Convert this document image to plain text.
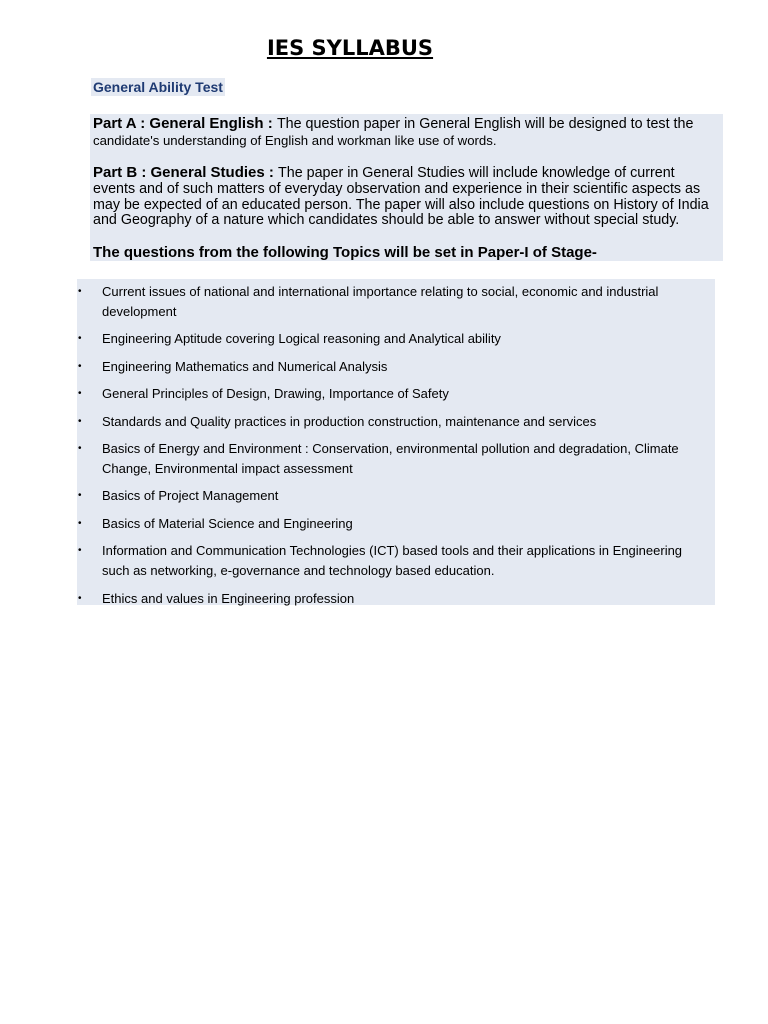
IES SYLLABUS
General Ability Test
Part A : General English : The question paper in General English will be designed to test the
candidate's understanding of English and workman like use of words.
Part B : General Studies : The paper in General Studies will include knowledge of current events and of such matters of everyday observation and experience in their scientific aspects as may be expected of an educated person. The paper will also include questions on History of India and Geography of a nature which candidates should be able to answer without special study.
The questions from the following Topics will be set in Paper-I of Stage-
• Current issues of national and international importance relating to social, economic and industrial development
• Engineering Aptitude covering Logical reasoning and Analytical ability
• Engineering Mathematics and Numerical Analysis
• General Principles of Design, Drawing, Importance of Safety
• Standards and Quality practices in production construction, maintenance and services
• Basics of Energy and Environment : Conservation, environmental pollution and degradation, Climate Change, Environmental impact assessment
• Basics of Project Management
• Basics of Material Science and Engineering
• Information and Communication Technologies (ICT) based tools and their applications in Engineering such as networking, e-governance and technology based education.
• Ethics and values in Engineering profession
